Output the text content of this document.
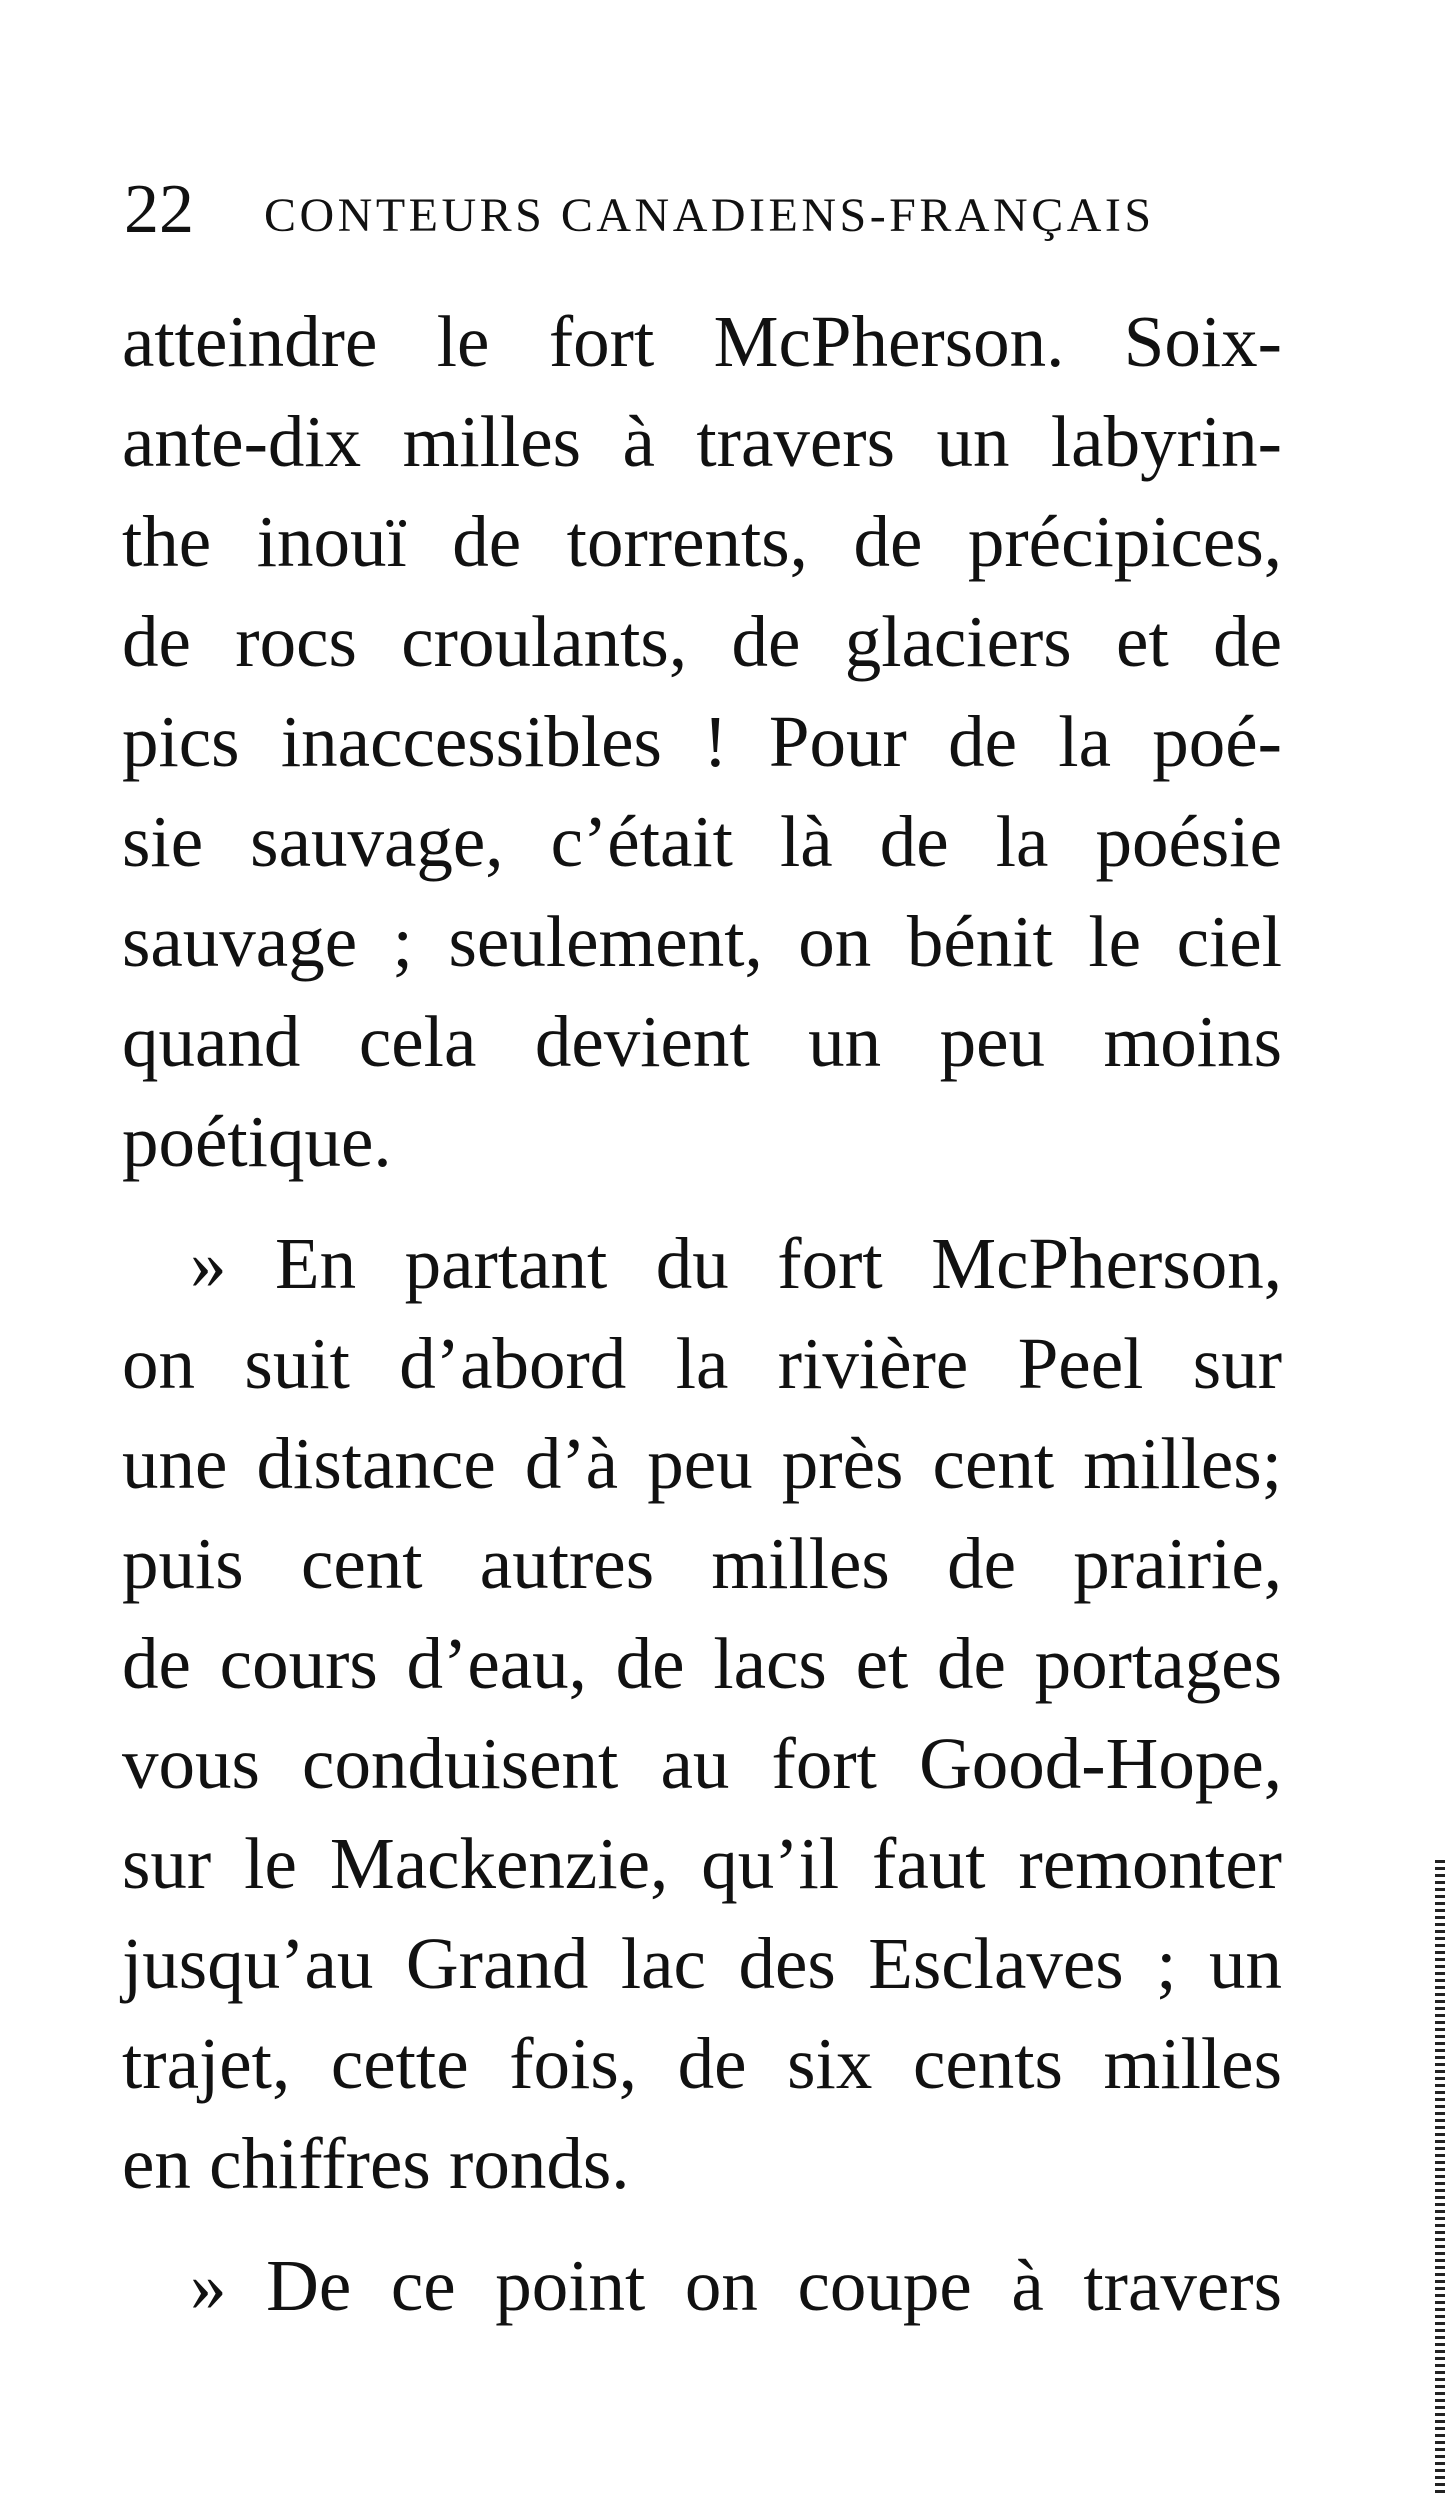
22 CONTEURS CANADIENS-FRANÇAIS
atteindre le fort McPherson. Soix-
ante-dix milles à travers un labyrin-
the inouï de torrents, de précipices,
de rocs croulants, de glaciers et de
pics inaccessibles ! Pour de la poé-
sie sauvage, c’était là de la poésie
sauvage ; seulement, on bénit le ciel
quand cela devient un peu moins
poétique.
» En partant du fort McPherson,
on suit d’abord la rivière Peel sur
une distance d’à peu près cent milles;
puis cent autres milles de prairie,
de cours d’eau, de lacs et de portages
vous conduisent au fort Good-Hope,
sur le Mackenzie, qu’il faut remonter
jusqu’au Grand lac des Esclaves ; un
trajet, cette fois, de six cents milles
en chiffres ronds.
» De ce point on coupe à travers
